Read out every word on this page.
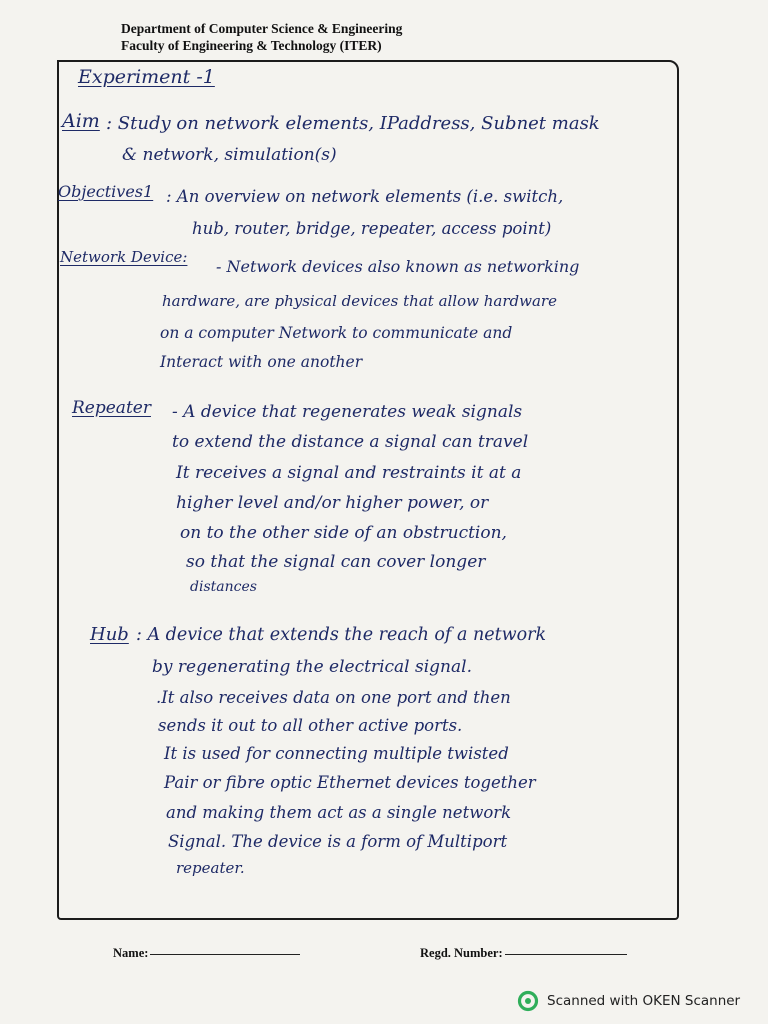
Department of Computer Science & Engineering
Faculty of Engineering & Technology (ITER)
Experiment -1
Aim : Study on network elements, IPaddress, Subnet mask
& network, simulation(s)
Objectives1 : An overview on network elements (i.e. switch,
hub, router, bridge, repeater, access point)
Network Device: - Network devices also known as networking
hardware, are physical devices that allow hardware
on a computer Network to communicate and
Interact with one another
Repeater - A device that regenerates weak signals
to extend the distance a signal can travel
It receives a signal and restraints it at a
higher level and/or higher power, or
on to the other side of an obstruction,
so that the signal can cover longer
distances
Hub : A device that extends the reach of a network
by regenerating the electrical signal.
.It also receives data on one port and then
sends it out to all other active ports.
It is used for connecting multiple twisted
Pair or fibre optic Ethernet devices together
and making them act as a single network
Signal. The device is a form of Multiport
repeater.
Name:	Regd. Number:
Scanned with OKEN Scanner
